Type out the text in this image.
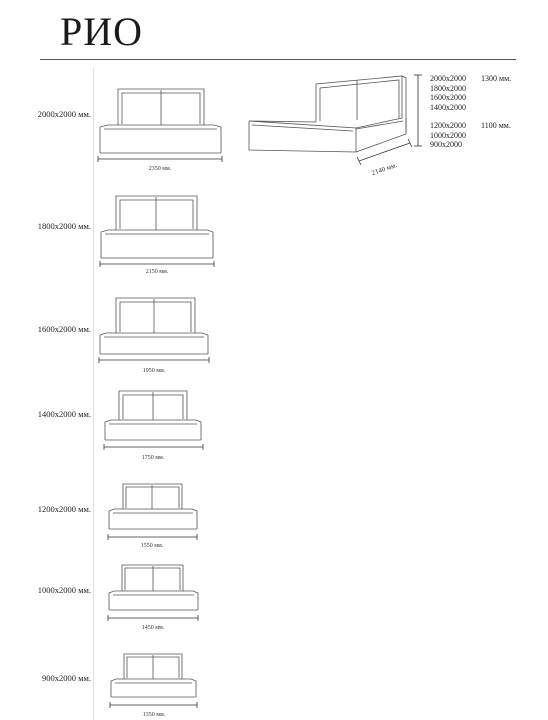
РИО
2000х2000 мм.
1800х2000 мм.
1600х2000 мм.
1400х2000 мм.
1200х2000 мм.
1000х2000 мм.
900х2000 мм.
2350 мм.
2150 мм.
1950 мм.
1750 мм.
1550 мм.
1450 мм.
1350 мм.
2140 мм.
2000х2000
1800х2000
1600х2000
1400х2000
1300 мм.
1200х2000
1000х2000
900х2000
1100 мм.
